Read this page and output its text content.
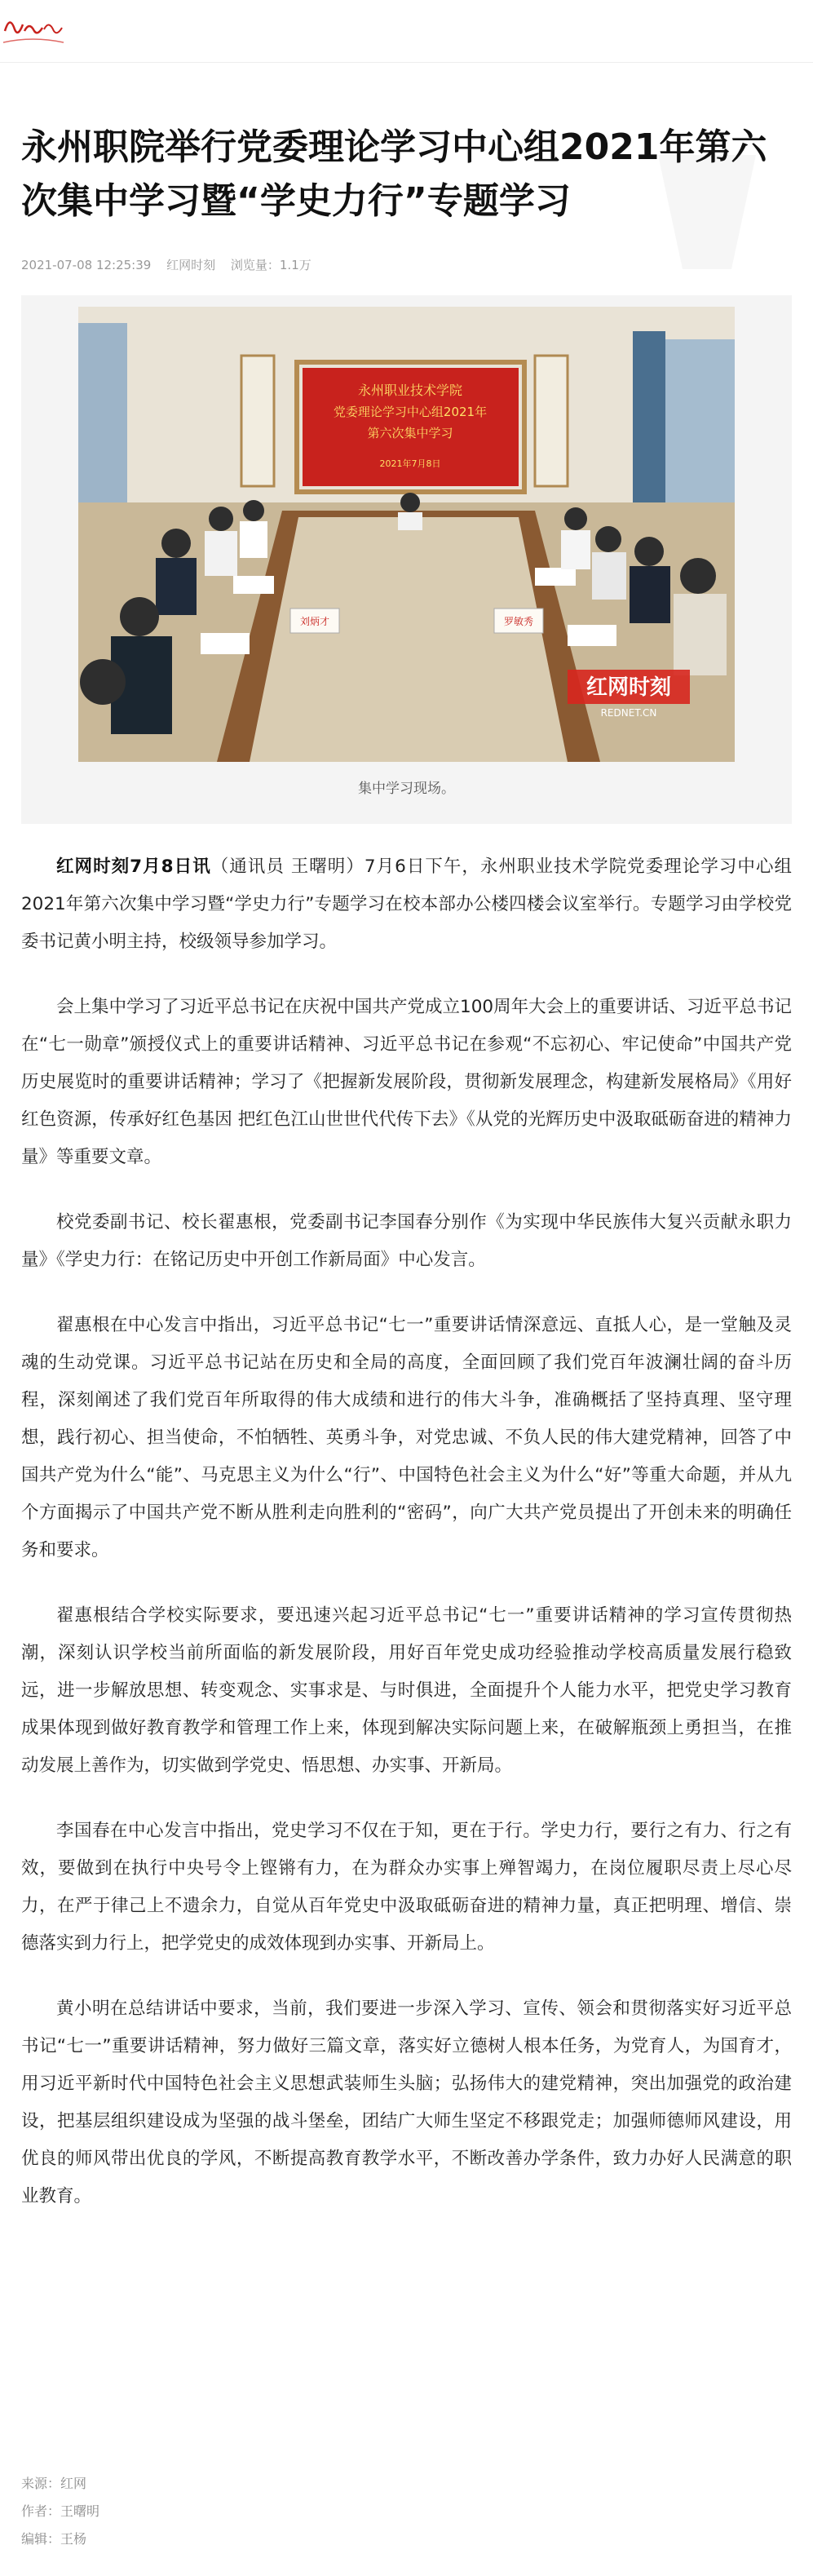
永州职院举行党委理论学习中心组2021年第六次集中学习暨“学史力行”专题学习
2021-07-08 12:25:39 红网时刻 浏览量：1.1万
永州职业技术学院
党委理论学习中心组2021年
第六次集中学习
2021年7月8日
刘炳才	罗敏秀
红网时刻
REDNET.CN
集中学习现场。

红网时刻7月8日讯（通讯员 王曙明）7月6日下午，永州职业技术学院党委理论学习中心组2021年第六次集中学习暨“学史力行”专题学习在校本部办公楼四楼会议室举行。专题学习由学校党委书记黄小明主持，校级领导参加学习。

会上集中学习了习近平总书记在庆祝中国共产党成立100周年大会上的重要讲话、习近平总书记在“七一勋章”颁授仪式上的重要讲话精神、习近平总书记在参观“不忘初心、牢记使命”中国共产党历史展览时的重要讲话精神；学习了《把握新发展阶段，贯彻新发展理念，构建新发展格局》《用好红色资源，传承好红色基因 把红色江山世世代代传下去》《从党的光辉历史中汲取砥砺奋进的精神力量》等重要文章。

校党委副书记、校长翟惠根，党委副书记李国春分别作《为实现中华民族伟大复兴贡献永职力量》《学史力行：在铭记历史中开创工作新局面》中心发言。

翟惠根在中心发言中指出，习近平总书记“七一”重要讲话情深意远、直抵人心，是一堂触及灵魂的生动党课。习近平总书记站在历史和全局的高度，全面回顾了我们党百年波澜壮阔的奋斗历程，深刻阐述了我们党百年所取得的伟大成绩和进行的伟大斗争，准确概括了坚持真理、坚守理想，践行初心、担当使命，不怕牺牲、英勇斗争，对党忠诚、不负人民的伟大建党精神，回答了中国共产党为什么“能”、马克思主义为什么“行”、中国特色社会主义为什么“好”等重大命题，并从九个方面揭示了中国共产党不断从胜利走向胜利的“密码”，向广大共产党员提出了开创未来的明确任务和要求。

翟惠根结合学校实际要求，要迅速兴起习近平总书记“七一”重要讲话精神的学习宣传贯彻热潮，深刻认识学校当前所面临的新发展阶段，用好百年党史成功经验推动学校高质量发展行稳致远，进一步解放思想、转变观念、实事求是、与时俱进，全面提升个人能力水平，把党史学习教育成果体现到做好教育教学和管理工作上来，体现到解决实际问题上来，在破解瓶颈上勇担当，在推动发展上善作为，切实做到学党史、悟思想、办实事、开新局。

李国春在中心发言中指出，党史学习不仅在于知，更在于行。学史力行，要行之有力、行之有效，要做到在执行中央号令上铿锵有力，在为群众办实事上殚智竭力，在岗位履职尽责上尽心尽力，在严于律己上不遗余力，自觉从百年党史中汲取砥砺奋进的精神力量，真正把明理、增信、崇德落实到力行上，把学党史的成效体现到办实事、开新局上。

黄小明在总结讲话中要求，当前，我们要进一步深入学习、宣传、领会和贯彻落实好习近平总书记“七一”重要讲话精神，努力做好三篇文章，落实好立德树人根本任务，为党育人，为国育才，用习近平新时代中国特色社会主义思想武装师生头脑；弘扬伟大的建党精神，突出加强党的政治建设，把基层组织建设成为坚强的战斗堡垒，团结广大师生坚定不移跟党走；加强师德师风建设，用优良的师风带出优良的学风，不断提高教育教学水平，不断改善办学条件，致力办好人民满意的职业教育。

来源：红网
作者：王曙明
编辑：王杨
